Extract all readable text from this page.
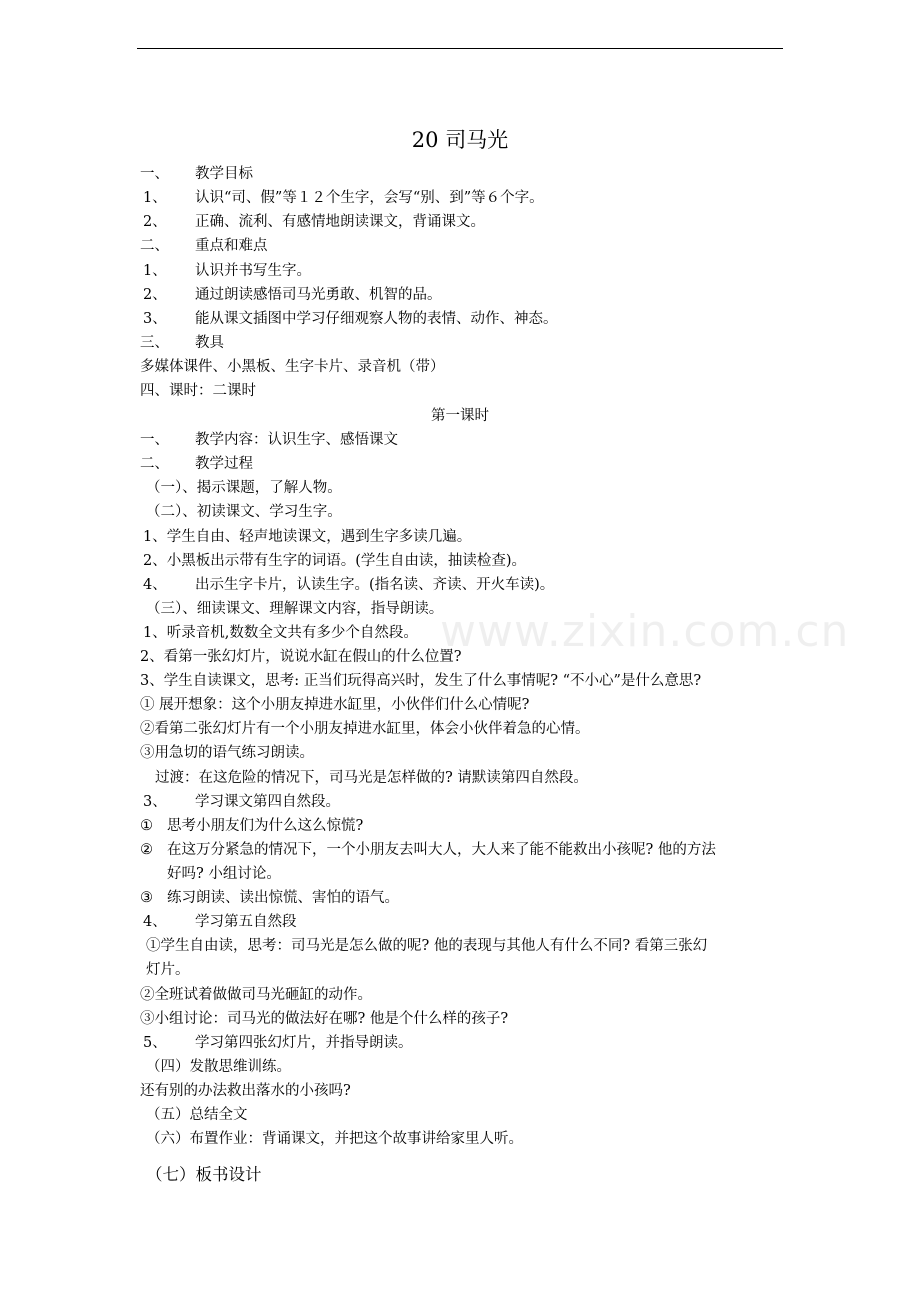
20 司马光
一、 教学目标
1、 认识“司、假”等１２个生字，会写“别、到”等６个字。
2、 正确、流利、有感情地朗读课文，背诵课文。
二、 重点和难点
1、 认识并书写生字。
2、 通过朗读感悟司马光勇敢、机智的品。
3、 能从课文插图中学习仔细观察人物的表情、动作、神态。
三、 教具
多媒体课件、小黑板、生字卡片、录音机（带）
四、课时：二课时
第一课时
一、 教学内容：认识生字、感悟课文
二、 教学过程
（一）、揭示课题，了解人物。
（二）、初读课文、学习生字。
1、学生自由、轻声地读课文，遇到生字多读几遍。
2、小黑板出示带有生字的词语。(学生自由读，抽读检查)。
4、 出示生字卡片，认读生字。(指名读、齐读、开火车读)。
（三）、细读课文、理解课文内容，指导朗读。
1、听录音机,数数全文共有多少个自然段。
2、看第一张幻灯片，说说水缸在假山的什么位置?
3、学生自读课文，思考: 正当们玩得高兴时，发生了什么事情呢? “不小心”是什么意思?
① 展开想象：这个小朋友掉进水缸里，小伙伴们什么心情呢?
②看第二张幻灯片有一个小朋友掉进水缸里，体会小伙伴着急的心情。
③用急切的语气练习朗读。
过渡：在这危险的情况下，司马光是怎样做的? 请默读第四自然段。
3、 学习课文第四自然段。
① 思考小朋友们为什么这么惊慌?
② 在这万分紧急的情况下，一个小朋友去叫大人，大人来了能不能救出小孩呢? 他的方法
好吗? 小组讨论。
③ 练习朗读、读出惊慌、害怕的语气。
4、 学习第五自然段
①学生自由读，思考：司马光是怎么做的呢? 他的表现与其他人有什么不同? 看第三张幻
灯片。
②全班试着做做司马光砸缸的动作。
③小组讨论：司马光的做法好在哪? 他是个什么样的孩子?
5、 学习第四张幻灯片，并指导朗读。
（四）发散思维训练。
还有别的办法救出落水的小孩吗?
（五）总结全文
（六）布置作业：背诵课文，并把这个故事讲给家里人听。
（七）板书设计
www.zixin.com.cn
